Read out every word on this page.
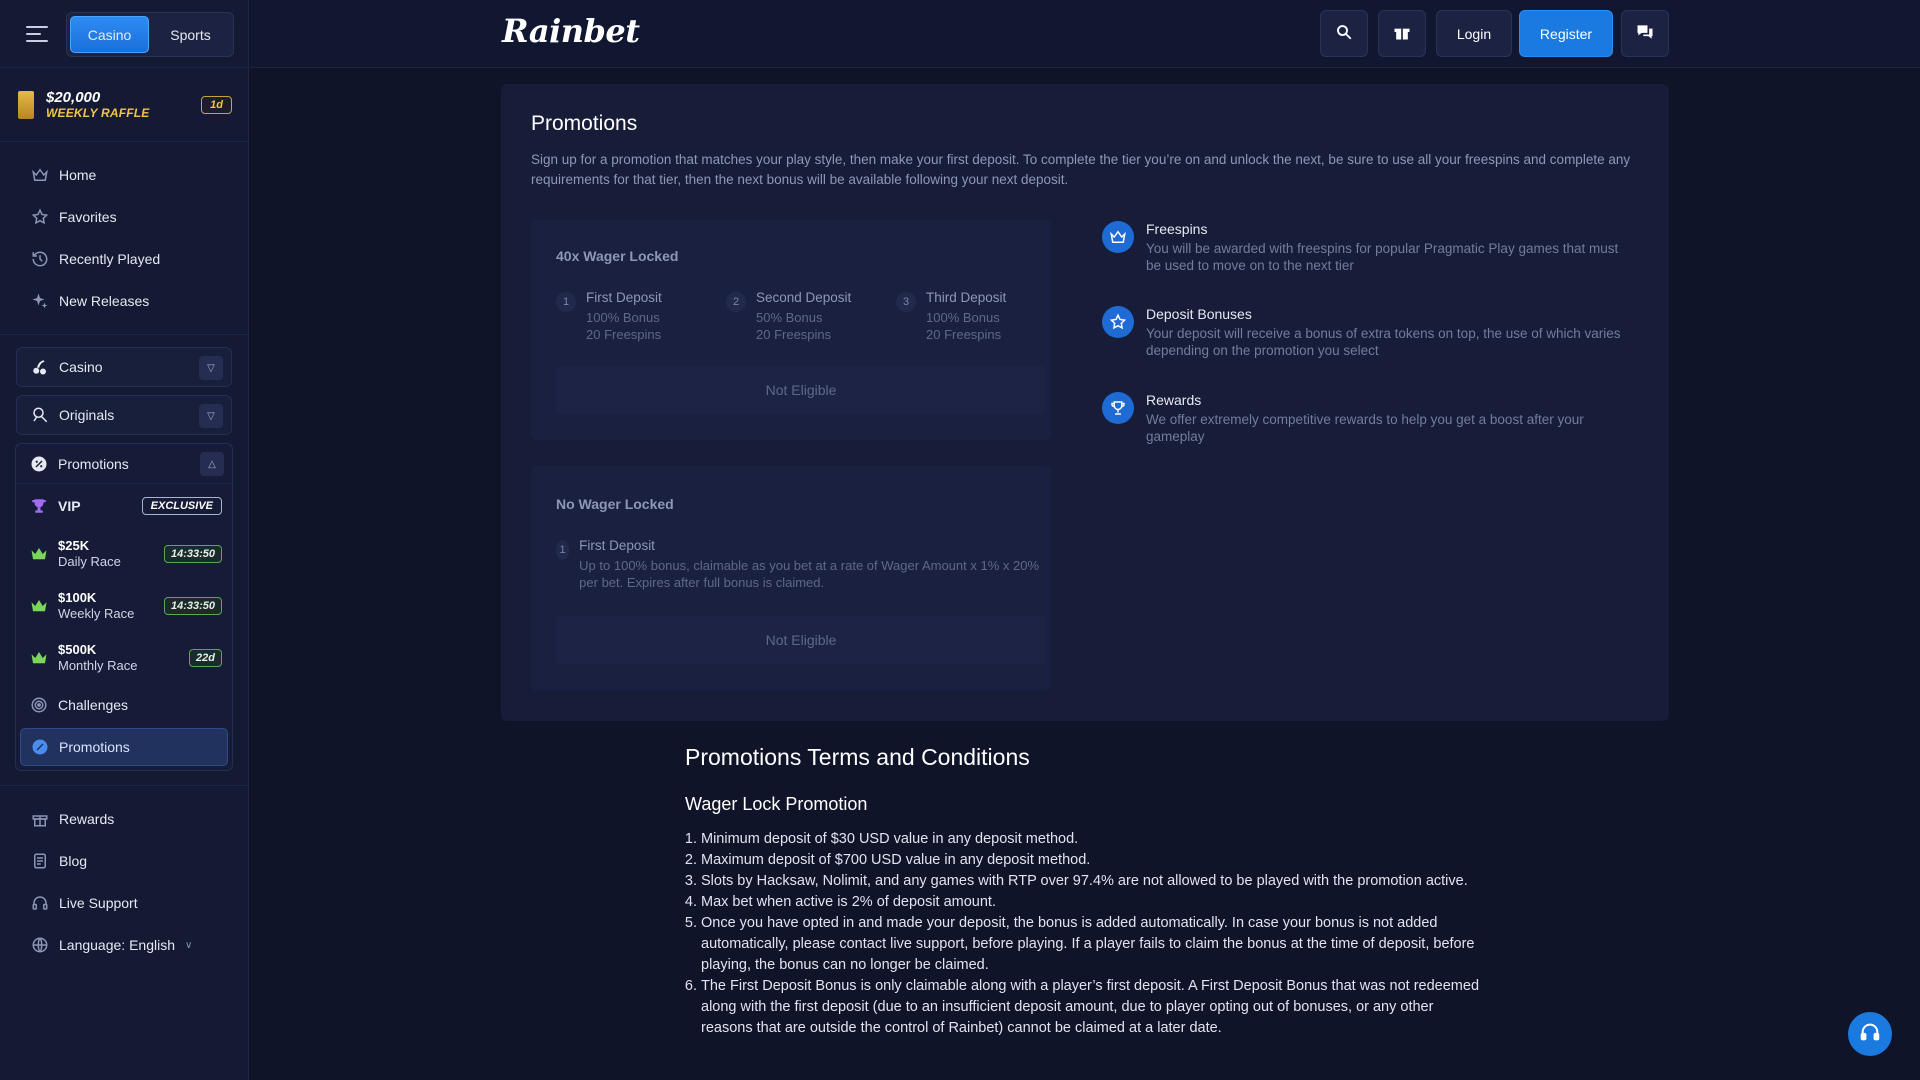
Casino	Sports
$20,000
WEEKLY RAFFLE
1d
Home
Favorites
Recently Played
New Releases
Casino	▽
Originals	▽
Promotions	△
VIP	EXCLUSIVE
$25K
Daily Race	14:33:50
$100K
Weekly Race	14:33:50
$500K
Monthly Race	22d
Challenges
Promotions
Rewards
Blog
Live Support
Language: English ∨
Rainbet	Login	Register
Promotions
Sign up for a promotion that matches your play style, then make your first deposit. To complete the tier you’re on and unlock the next, be sure to use all your freespins and complete any requirements for that tier, then the next bonus will be available following your next deposit.
40x Wager Locked
1	First Deposit
100% Bonus
20 Freespins
2	Second Deposit
50% Bonus
20 Freespins
3	Third Deposit
100% Bonus
20 Freespins
Not Eligible
No Wager Locked
1 First Deposit
Up to 100% bonus, claimable as you bet at a rate of Wager Amount x 1% x 20% per bet. Expires after full bonus is claimed.
Not Eligible
Freespins
You will be awarded with freespins for popular Pragmatic Play games that must be used to move on to the next tier
Deposit Bonuses
Your deposit will receive a bonus of extra tokens on top, the use of which varies depending on the promotion you select
Rewards
We offer extremely competitive rewards to help you get a boost after your gameplay
Promotions Terms and Conditions
Wager Lock Promotion
1. Minimum deposit of $30 USD value in any deposit method.
2. Maximum deposit of $700 USD value in any deposit method.
3. Slots by Hacksaw, Nolimit, and any games with RTP over 97.4% are not allowed to be played with the promotion active.
4. Max bet when active is 2% of deposit amount.
5. Once you have opted in and made your deposit, the bonus is added automatically. In case your bonus is not added automatically, please contact live support, before playing. If a player fails to claim the bonus at the time of deposit, before playing, the bonus can no longer be claimed.
6. The First Deposit Bonus is only claimable along with a player’s first deposit. A First Deposit Bonus that was not redeemed along with the first deposit (due to an insufficient deposit amount, due to player opting out of bonuses, or any other reasons that are outside the control of Rainbet) cannot be claimed at a later date.
